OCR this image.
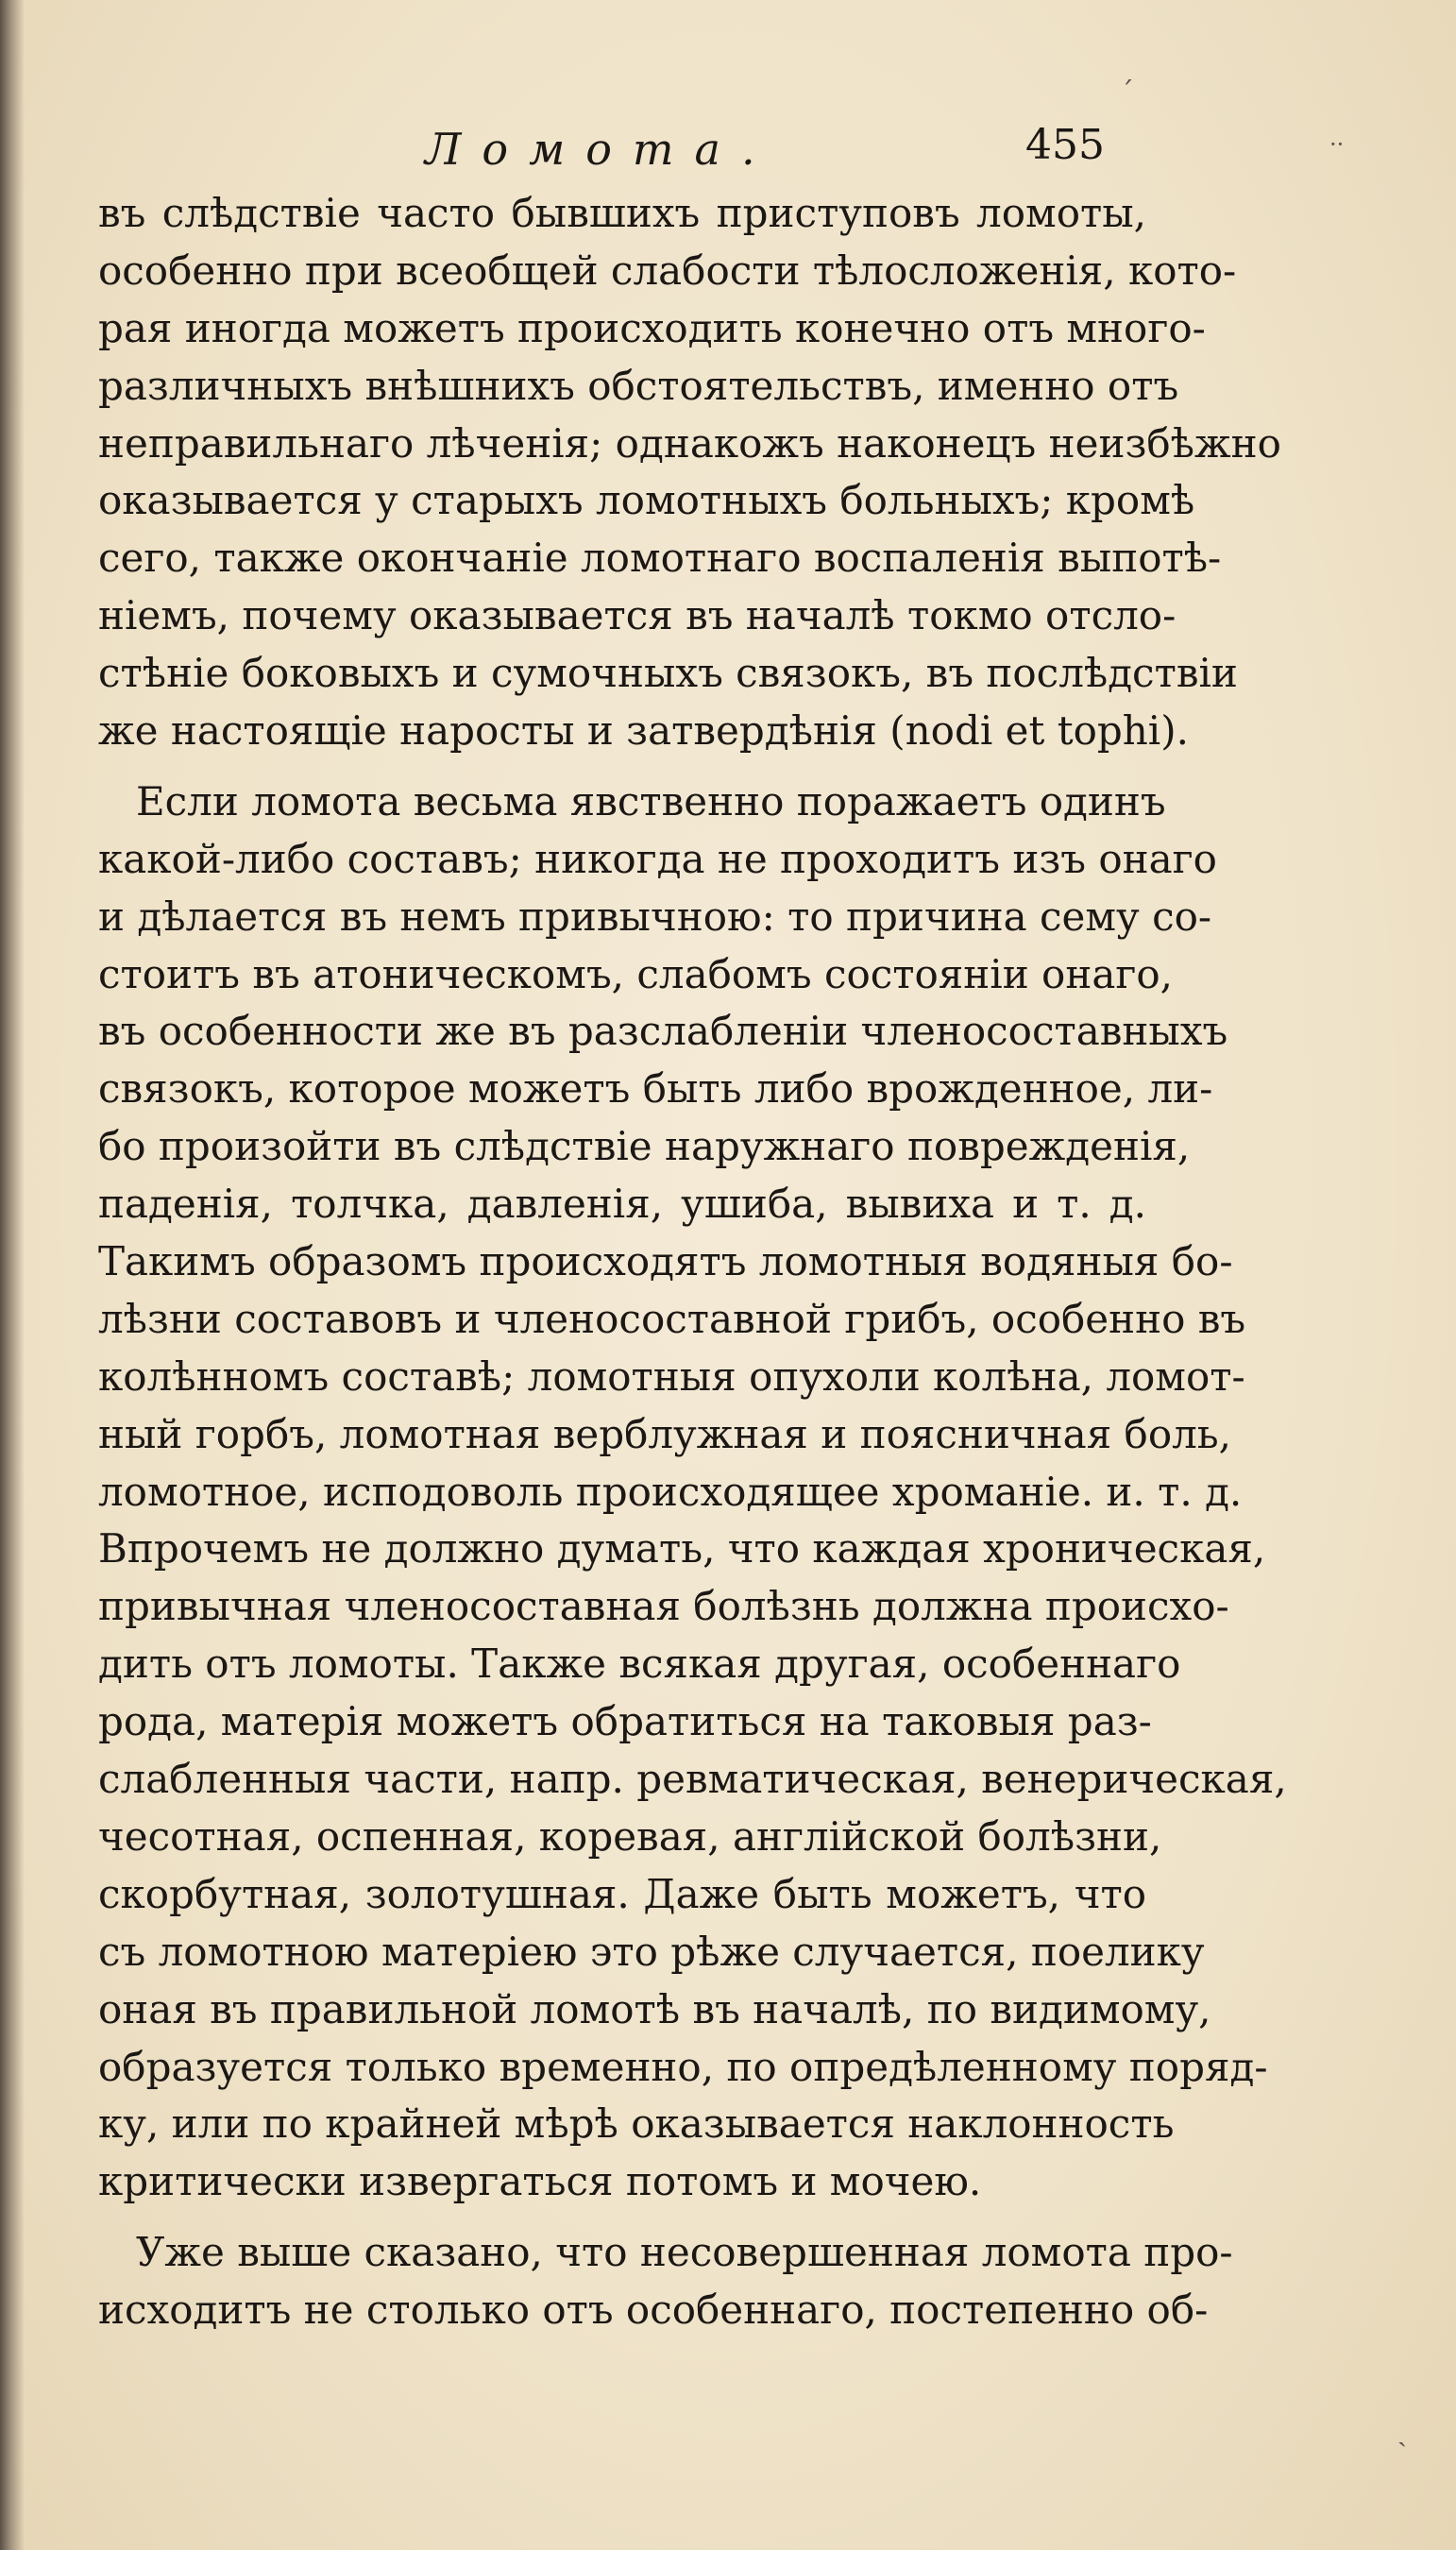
Ломота.	455
ˊ
··
ˎ
въ слѣдствіе часто бывшихъ приступовъ ломоты,
особенно при всеобщей слабости тѣлосложенія, кото-
рая иногда можетъ происходить конечно отъ много-
различныхъ внѣшнихъ обстоятельствъ, именно отъ
неправильнаго лѣченія; однакожъ наконецъ неизбѣжно
оказывается у старыхъ ломотныхъ больныхъ; кромѣ
сего, также окончаніе ломотнаго воспаленія выпотѣ-
ніемъ, почему оказывается въ началѣ токмо отсло-
стѣніе боковыхъ и сумочныхъ связокъ, въ послѣдствіи
же настоящіе наросты и затвердѣнія (nodi et tophi).
Если ломота весьма явственно поражаетъ одинъ
какой-либо составъ; никогда не проходитъ изъ онаго
и дѣлается въ немъ привычною: то причина сему со-
стоитъ въ атоническомъ, слабомъ состояніи онаго,
въ особенности же въ разслабленіи членосоставныхъ
связокъ, которое можетъ быть либо врожденное, ли-
бо произойти въ слѣдствіе наружнаго поврежденія,
паденія, толчка, давленія, ушиба, вывиха и т. д.
Такимъ образомъ происходятъ ломотныя водяныя бо-
лѣзни составовъ и членосоставной грибъ, особенно въ
колѣнномъ составѣ; ломотныя опухоли колѣна, ломот-
ный горбъ, ломотная верблужная и поясничная боль,
ломотное, исподоволь происходящее хроманіе. и. т. д.
Впрочемъ не должно думать, что каждая хроническая,
привычная членосоставная болѣзнь должна происхо-
дить отъ ломоты. Также всякая другая, особеннаго
рода, матерія можетъ обратиться на таковыя раз-
слабленныя части, напр. ревматическая, венерическая,
чесотная, оспенная, коревая, англійской болѣзни,
скорбутная, золотушная. Даже быть можетъ, что
съ ломотною матеріею это рѣже случается, поелику
оная въ правильной ломотѣ въ началѣ, по видимому,
образуется только временно, по опредѣленному поряд-
ку, или по крайней мѣрѣ оказывается наклонность
критически извергаться потомъ и мочею.
Уже выше сказано, что несовершенная ломота про-
исходитъ не столько отъ особеннаго, постепенно об-
